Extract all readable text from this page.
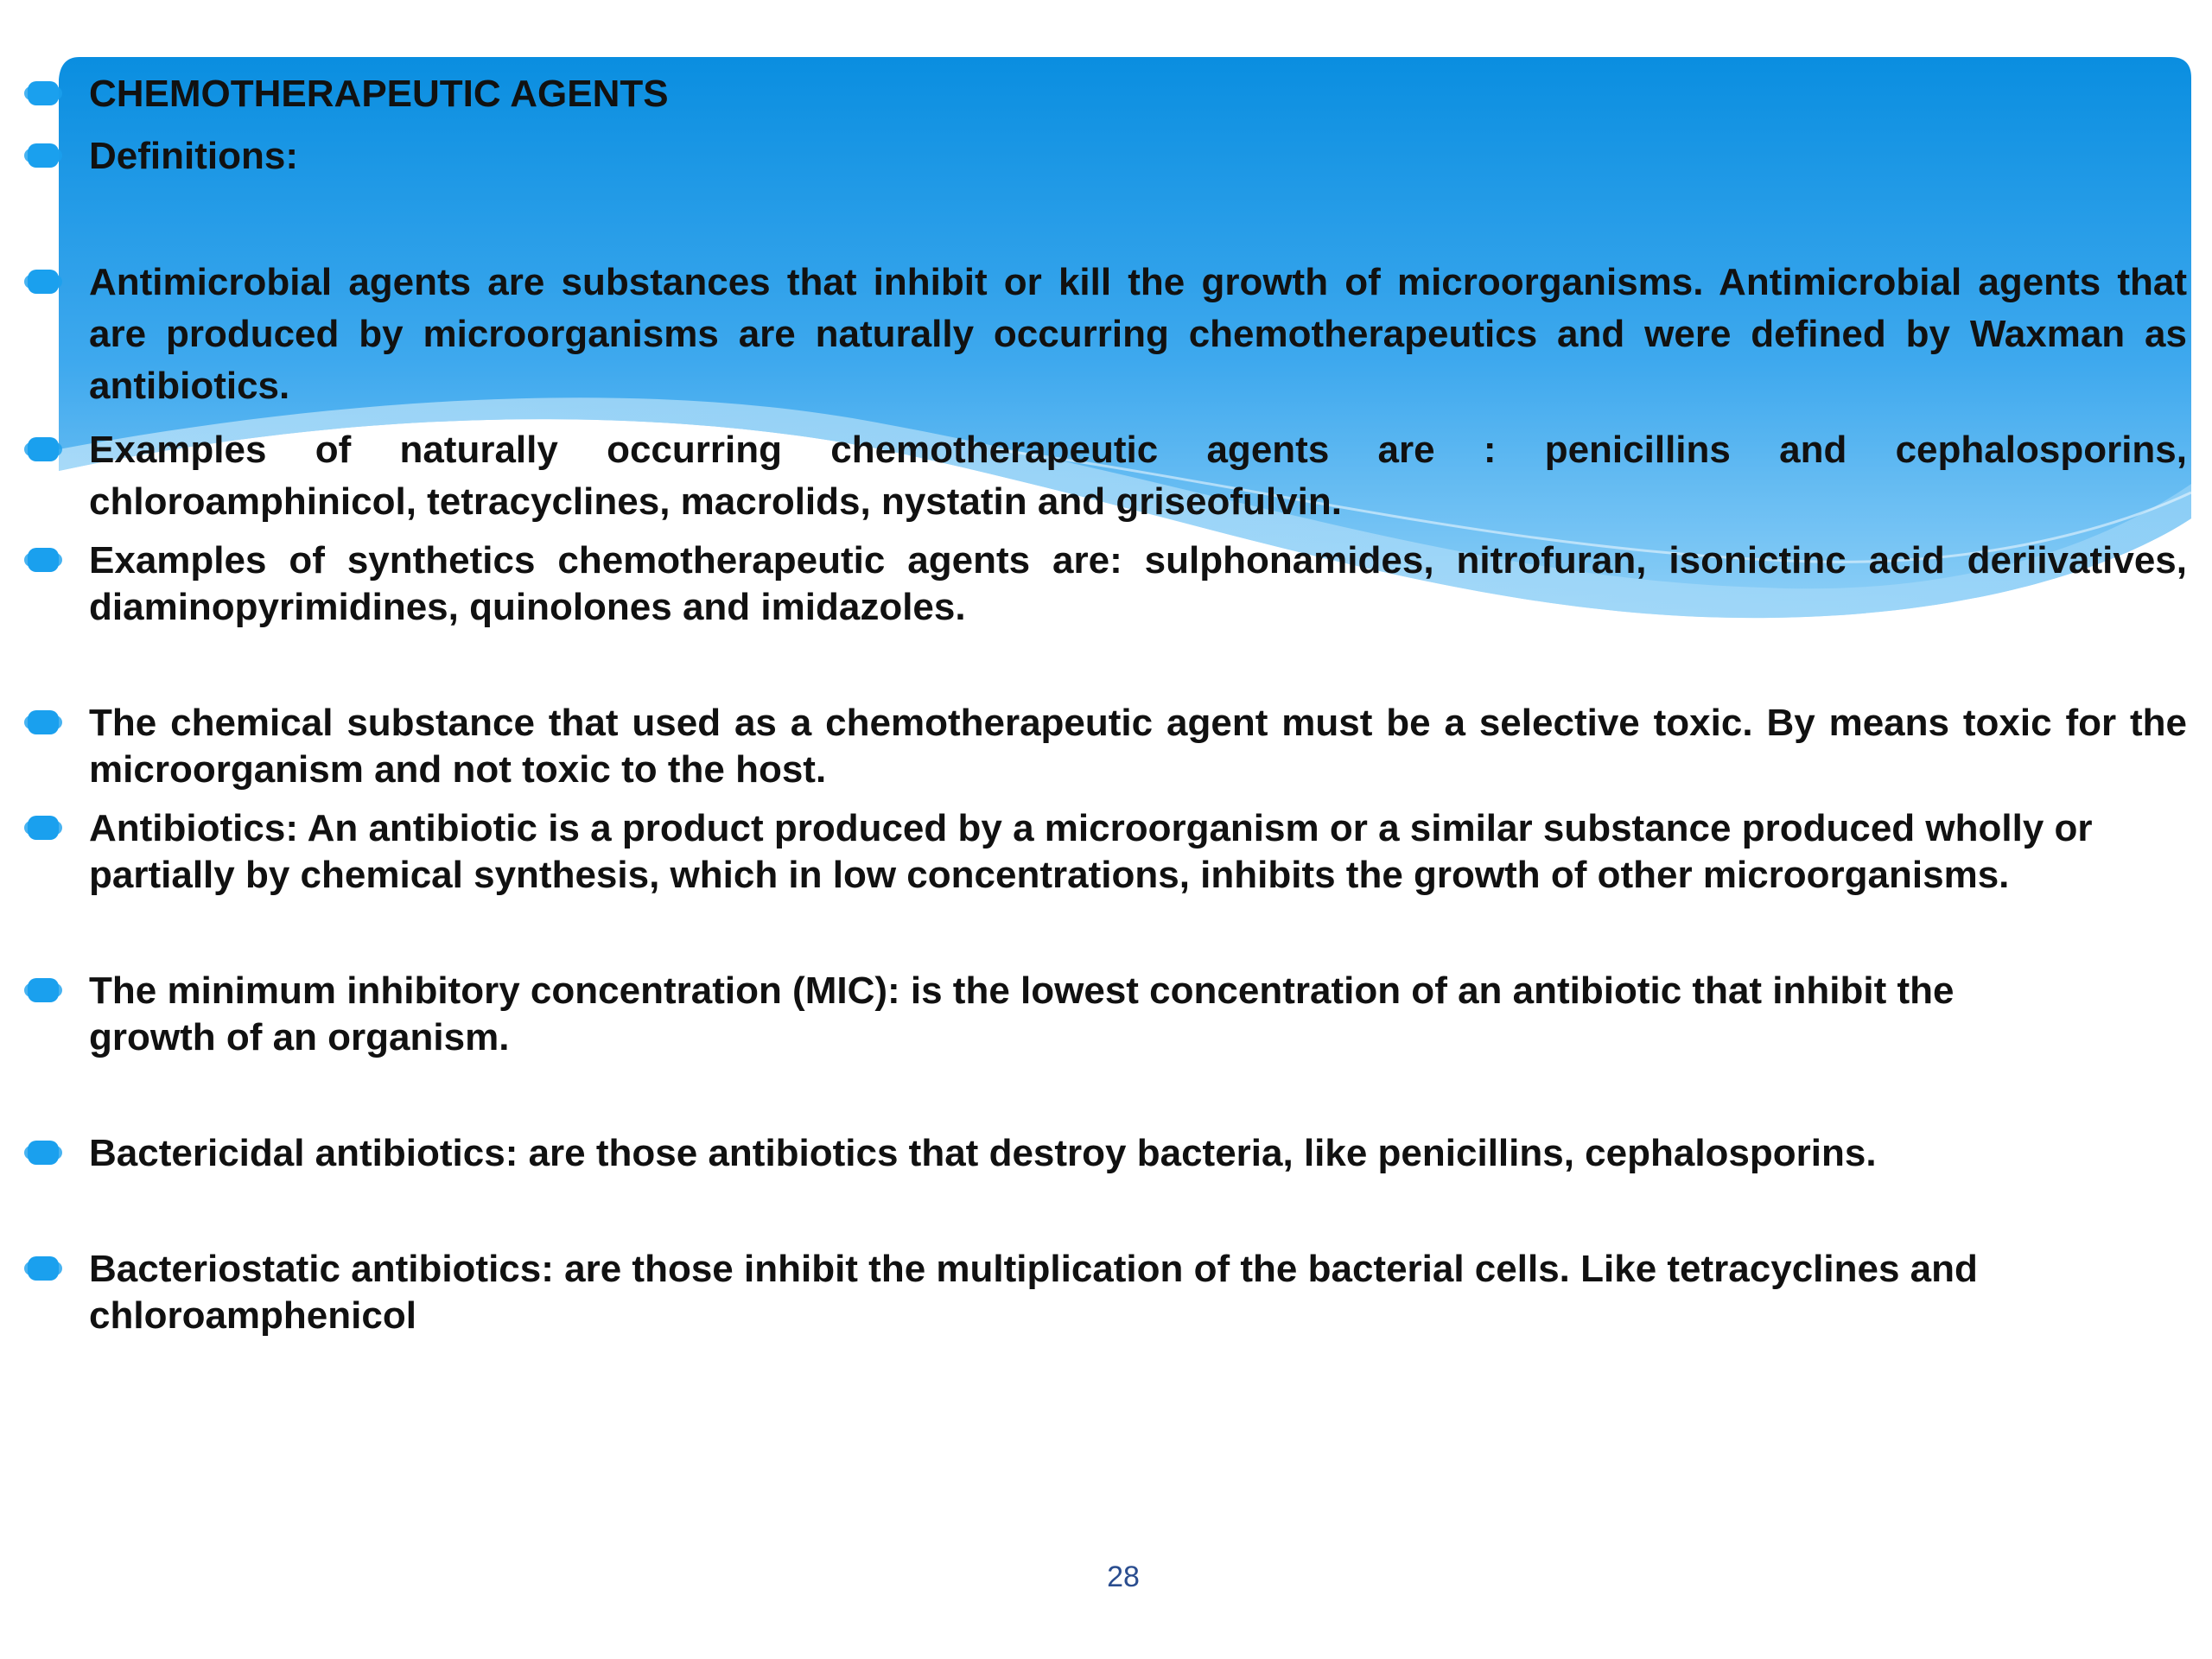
CHEMOTHERAPEUTIC AGENTS
Definitions:
Antimicrobial agents are substances that inhibit or kill the growth of microorganisms. Antimicrobial agents that
are produced by microorganisms are naturally occurring chemotherapeutics and were defined by Waxman as
antibiotics.
Examples of naturally occurring chemotherapeutic agents are : penicillins and cephalosporins,
chloroamphinicol, tetracyclines, macrolids, nystatin and griseofulvin.
Examples of synthetics chemotherapeutic agents are: sulphonamides, nitrofuran, isonictinc acid deriivatives,
diaminopyrimidines, quinolones and imidazoles.
The chemical substance that used as a chemotherapeutic agent must be a selective toxic. By means toxic for the
microorganism and not toxic to the host.
Antibiotics: An antibiotic is a product produced by a microorganism or a similar substance produced wholly or
partially by chemical synthesis, which in low concentrations, inhibits the growth of other microorganisms.
The minimum inhibitory concentration (MIC): is the lowest concentration of an antibiotic that inhibit the
growth of an organism.
Bactericidal antibiotics: are those antibiotics that destroy bacteria, like penicillins, cephalosporins.
Bacteriostatic antibiotics: are those inhibit the multiplication of the bacterial cells. Like tetracyclines and
chloroamphenicol
28
